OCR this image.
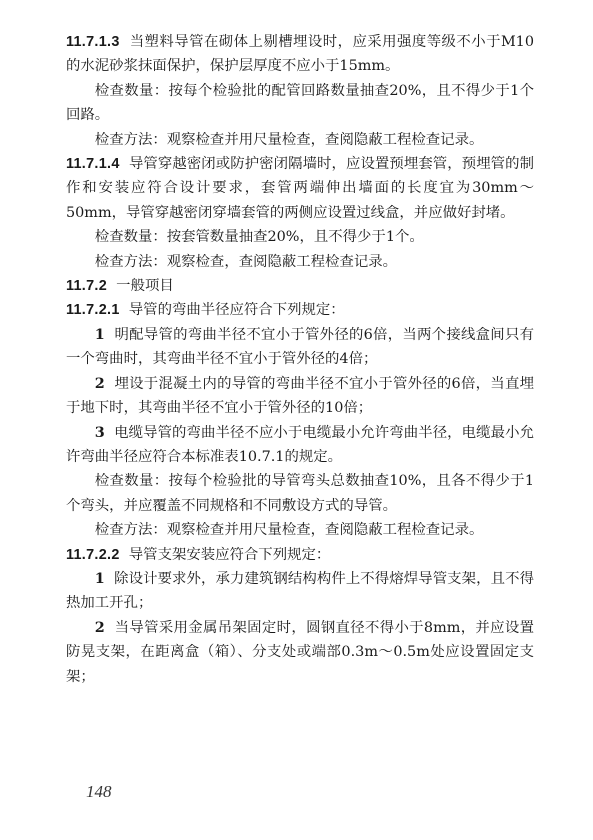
11.7.1.3 当塑料导管在砌体上剔槽埋设时，应采用强度等级不小于M10的水泥砂浆抹面保护，保护层厚度不应小于15mm。

检查数量：按每个检验批的配管回路数量抽查20%，且不得少于1个回路。

检查方法：观察检查并用尺量检查，查阅隐蔽工程检查记录。

11.7.1.4 导管穿越密闭或防护密闭隔墙时，应设置预埋套管，预埋管的制作和安装应符合设计要求，套管两端伸出墙面的长度宜为30mm～50mm，导管穿越密闭穿墙套管的两侧应设置过线盒，并应做好封堵。

检查数量：按套管数量抽查20%，且不得少于1个。

检查方法：观察检查，查阅隐蔽工程检查记录。

11.7.2 一般项目

11.7.2.1 导管的弯曲半径应符合下列规定：

1 明配导管的弯曲半径不宜小于管外径的6倍，当两个接线盒间只有一个弯曲时，其弯曲半径不宜小于管外径的4倍；

2 埋设于混凝土内的导管的弯曲半径不宜小于管外径的6倍，当直埋于地下时，其弯曲半径不宜小于管外径的10倍；

3 电缆导管的弯曲半径不应小于电缆最小允许弯曲半径，电缆最小允许弯曲半径应符合本标准表10.7.1的规定。

检查数量：按每个检验批的导管弯头总数抽查10%，且各不得少于1个弯头，并应覆盖不同规格和不同敷设方式的导管。

检查方法：观察检查并用尺量检查，查阅隐蔽工程检查记录。

11.7.2.2 导管支架安装应符合下列规定：

1 除设计要求外，承力建筑钢结构构件上不得熔焊导管支架，且不得热加工开孔；

2 当导管采用金属吊架固定时，圆钢直径不得小于8mm，并应设置防晃支架，在距离盒（箱）、分支处或端部0.3m～0.5m处应设置固定支架；

148
